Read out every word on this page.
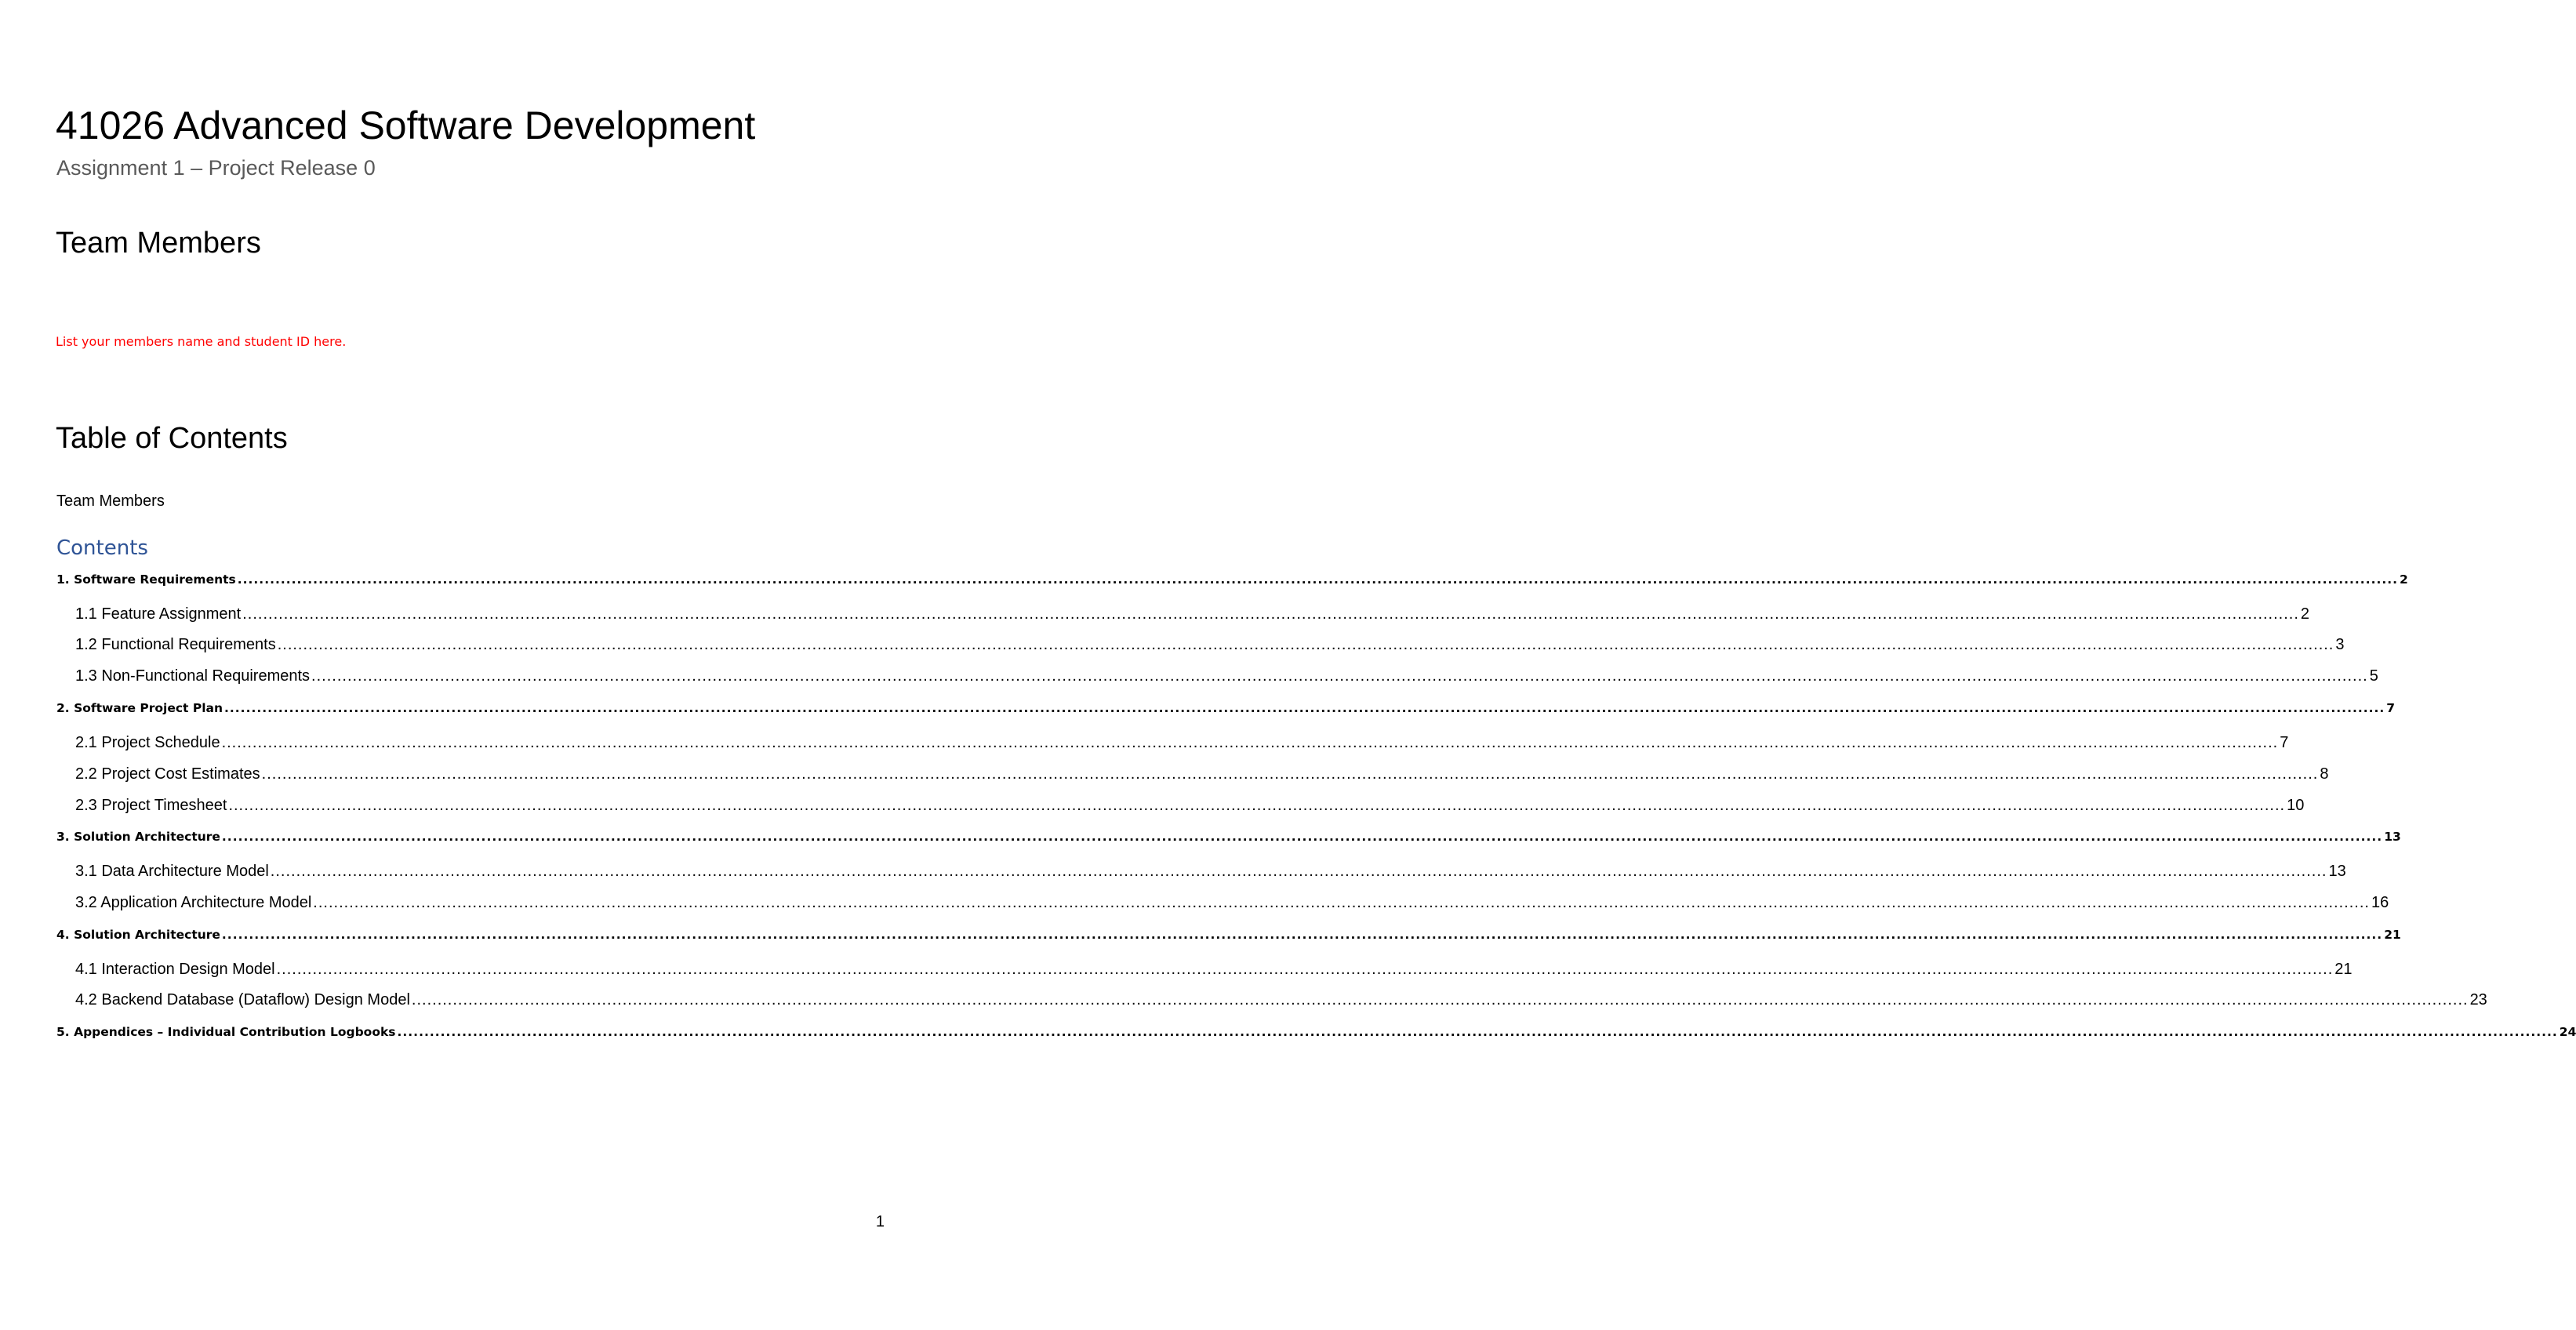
41026 Advanced Software Development
Assignment 1 – Project Release 0
Team Members
List your members name and student ID here.
Table of Contents
Team Members
Contents
1. Software Requirements ................................................................................................................................................................................................................................................................................................................................................................................................................ 2
1.1 Feature Assignment ................................................................................................................................................................................................................................................................................................................................................................................................................ 2
1.2 Functional Requirements ................................................................................................................................................................................................................................................................................................................................................................................................................ 3
1.3 Non-Functional Requirements ................................................................................................................................................................................................................................................................................................................................................................................................................ 5
2. Software Project Plan ................................................................................................................................................................................................................................................................................................................................................................................................................ 7
2.1 Project Schedule ................................................................................................................................................................................................................................................................................................................................................................................................................ 7
2.2 Project Cost Estimates ................................................................................................................................................................................................................................................................................................................................................................................................................ 8
2.3 Project Timesheet ................................................................................................................................................................................................................................................................................................................................................................................................................ 10
3. Solution Architecture ................................................................................................................................................................................................................................................................................................................................................................................................................ 13
3.1 Data Architecture Model ................................................................................................................................................................................................................................................................................................................................................................................................................ 13
3.2 Application Architecture Model ................................................................................................................................................................................................................................................................................................................................................................................................................ 16
4. Solution Architecture ................................................................................................................................................................................................................................................................................................................................................................................................................ 21
4.1 Interaction Design Model ................................................................................................................................................................................................................................................................................................................................................................................................................ 21
4.2 Backend Database (Dataflow) Design Model ................................................................................................................................................................................................................................................................................................................................................................................................................ 23
5. Appendices – Individual Contribution Logbooks ................................................................................................................................................................................................................................................................................................................................................................................................................ 24
1
